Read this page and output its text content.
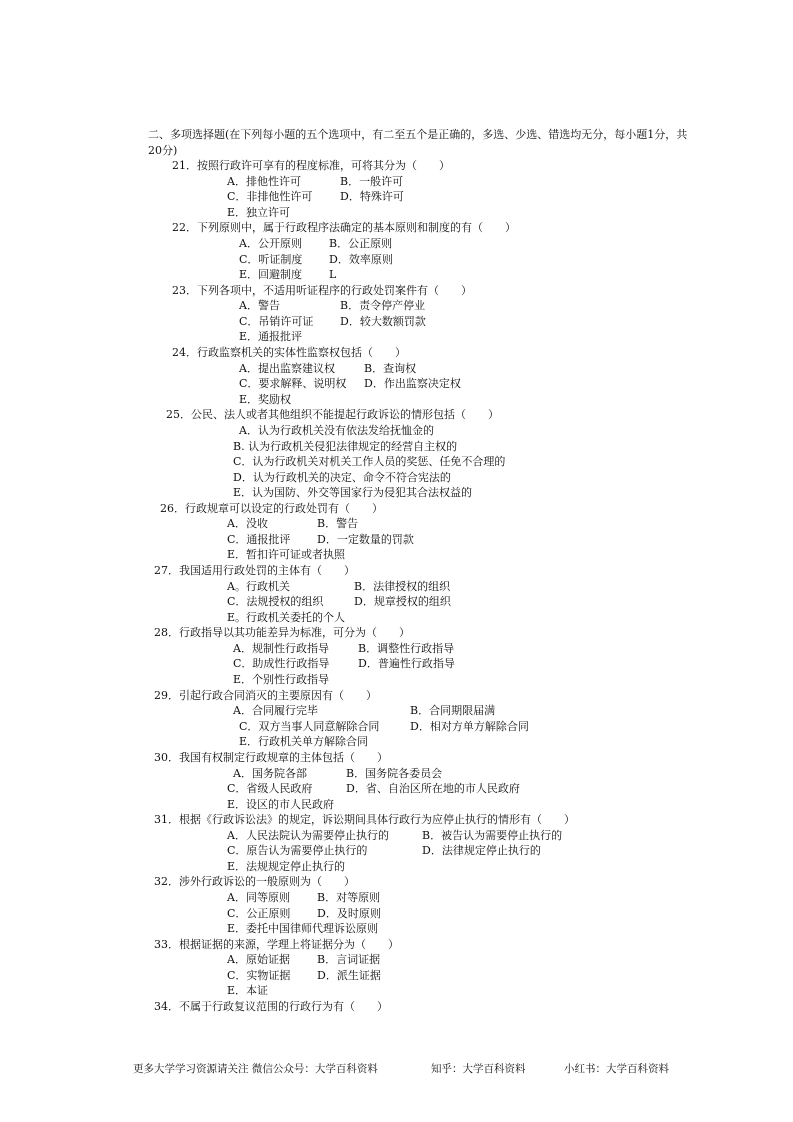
二、多项选择题(在下列每小题的五个选项中，有二至五个是正确的，多选、少选、错选均无分，每小题1分，共20分)
21．按照行政许可享有的程度标准，可将其分为（　　）
A．排他性许可	B．一般许可
C．非排他性许可	D．特殊许可
E．独立许可
22．下列原则中，属于行政程序法确定的基本原则和制度的有（　　）
A．公开原则 B．公正原则
C．听证制度 D．效率原则
E．回避制度 L
23．下列各项中，不适用听证程序的行政处罚案件有（　　）
A．警告	B．责令停产停业
C．吊销许可证 D．较大数额罚款
E．通报批评
24．行政监察机关的实体性监察权包括（　　）
A．提出监察建议权	B．查询权
C．要求解释、说明权 D．作出监察决定权
E．奖励权
25．公民、法人或者其他组织不能提起行政诉讼的情形包括（　　）
A．认为行政机关没有依法发给抚恤金的
B. 认为行政机关侵犯法律规定的经营自主权的
C．认为行政机关对机关工作人员的奖惩、任免不合理的
D．认为行政机关的决定、命令不符合宪法的
E．认为国防、外交等国家行为侵犯其合法权益的
26．行政规章可以设定的行政处罚有（　　）
A．没收	B．警告
C．通报批评 D．一定数量的罚款
E．暂扣许可证或者执照
27．我国适用行政处罚的主体有（　　）
A。行政机关	B．法律授权的组织
C．法规授权的组织	D．规章授权的组织
E。行政机关委托的个人
28．行政指导以其功能差异为标准，可分为（　　）
A．规制性行政指导	B．调整性行政指导
C．助成性行政指导	D．普遍性行政指导
E．个别性行政指导
29．引起行政合同消灭的主要原因有（　　）
A．合同履行完毕	B．合同期限届满
C．双方当事人同意解除合同	D．相对方单方解除合同
E．行政机关单方解除合同
30．我国有权制定行政规章的主体包括（　　）
A．国务院各部	B．国务院各委员会
C．省级人民政府	D．省、自治区所在地的市人民政府
E．设区的市人民政府
31．根据《行政诉讼法》的规定，诉讼期间具体行政行为应停止执行的情形有（　　）
A．人民法院认为需要停止执行的	B．被告认为需要停止执行的
C．原告认为需要停止执行的	D．法律规定停止执行的
E．法规规定停止执行的
32．涉外行政诉讼的一般原则为（　　）
A．同等原则 B．对等原则
C．公正原则 D．及时原则
E．委托中国律师代理诉讼原则
33．根据证据的来源，学理上将证据分为（　　）
A．原始证据 B．言词证据
C．实物证据 D．派生证据
E．本证
34．不属于行政复议范围的行政行为有（　　）
更多大学学习资源请关注 微信公众号：大学百科资料	知乎：大学百科资料	小红书：大学百科资料
